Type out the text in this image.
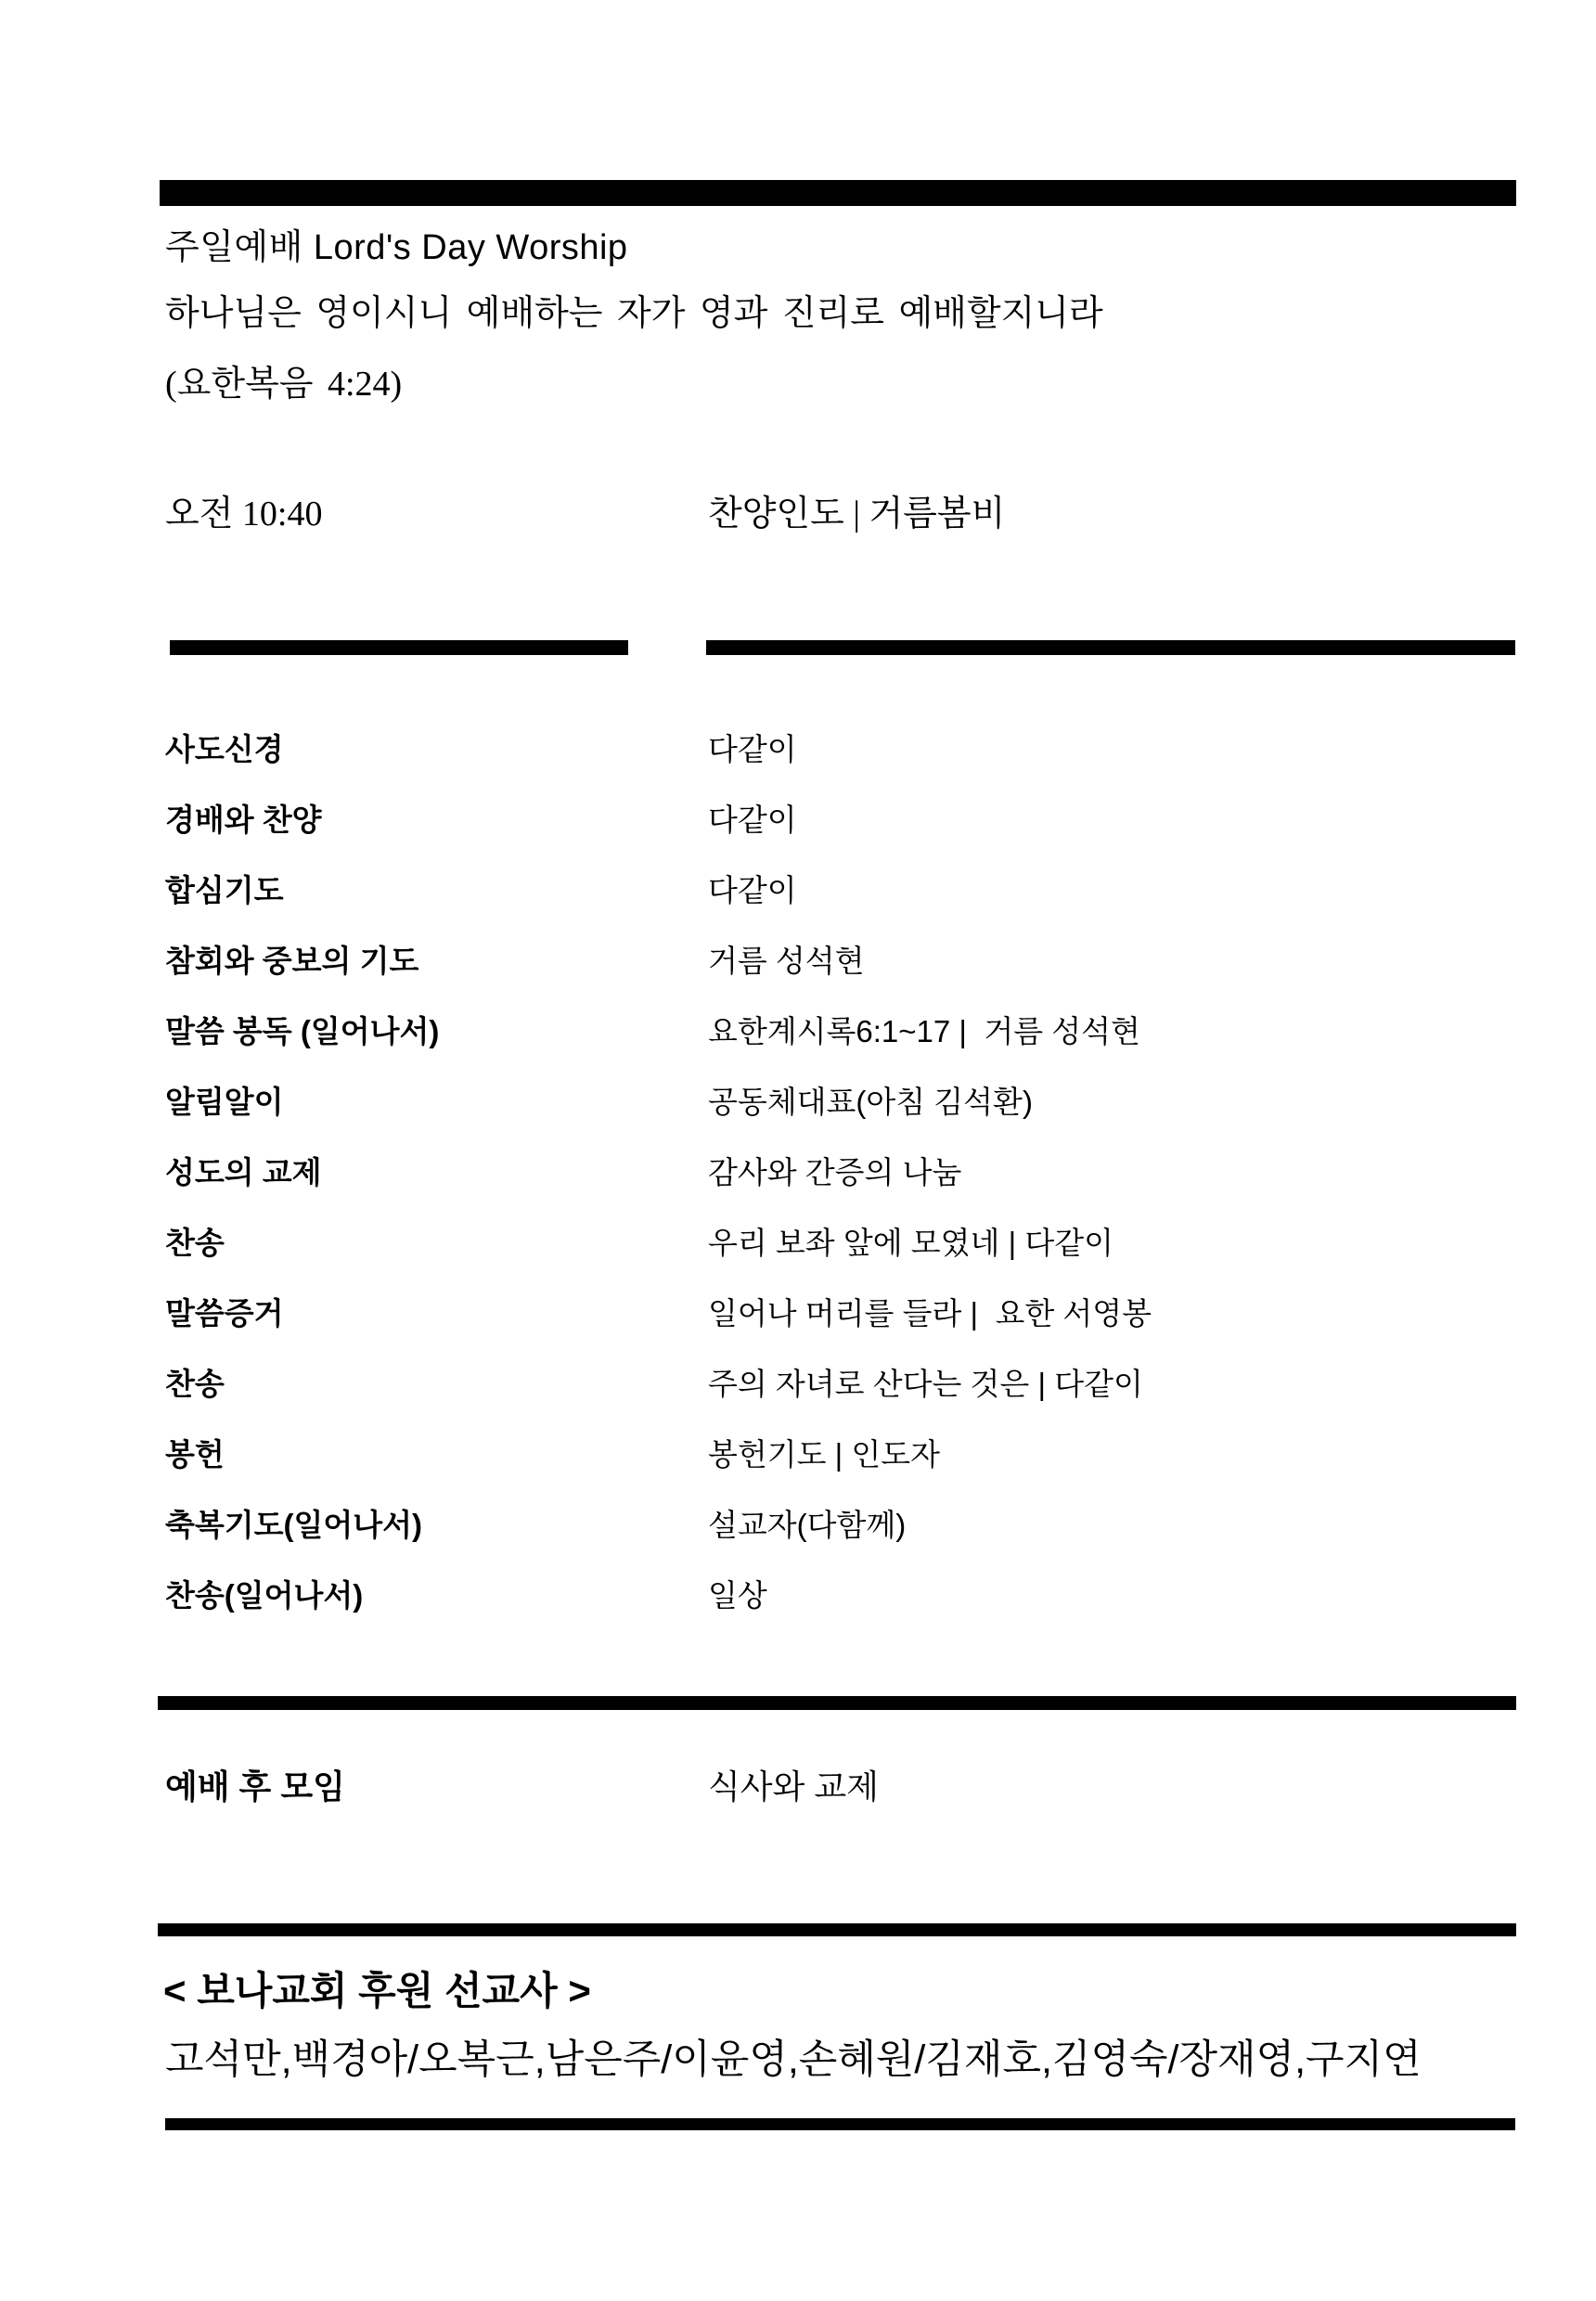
주일예배 Lord's Day Worship
하나님은 영이시니 예배하는 자가 영과 진리로 예배할지니라
(요한복음 4:24)
오전 10:40	찬양인도 | 거름봄비
사도신경	다같이
경배와 찬양	다같이
합심기도	다같이
참회와 중보의 기도	거름 성석현
말씀 봉독 (일어나서)	요한계시록6:1~17 |  거름 성석현
알림알이	공동체대표(아침 김석환)
성도의 교제	감사와 간증의 나눔
찬송	우리 보좌 앞에 모였네 | 다같이
말씀증거	일어나 머리를 들라 |  요한 서영봉
찬송	주의 자녀로 산다는 것은 | 다같이
봉헌	봉헌기도 | 인도자
축복기도(일어나서)	설교자(다함께)
찬송(일어나서)	일상
예배 후 모임	식사와 교제
< 보나교회 후원 선교사 >
고석만,백경아/오복근,남은주/이윤영,손혜원/김재호,김영숙/장재영,구지연
